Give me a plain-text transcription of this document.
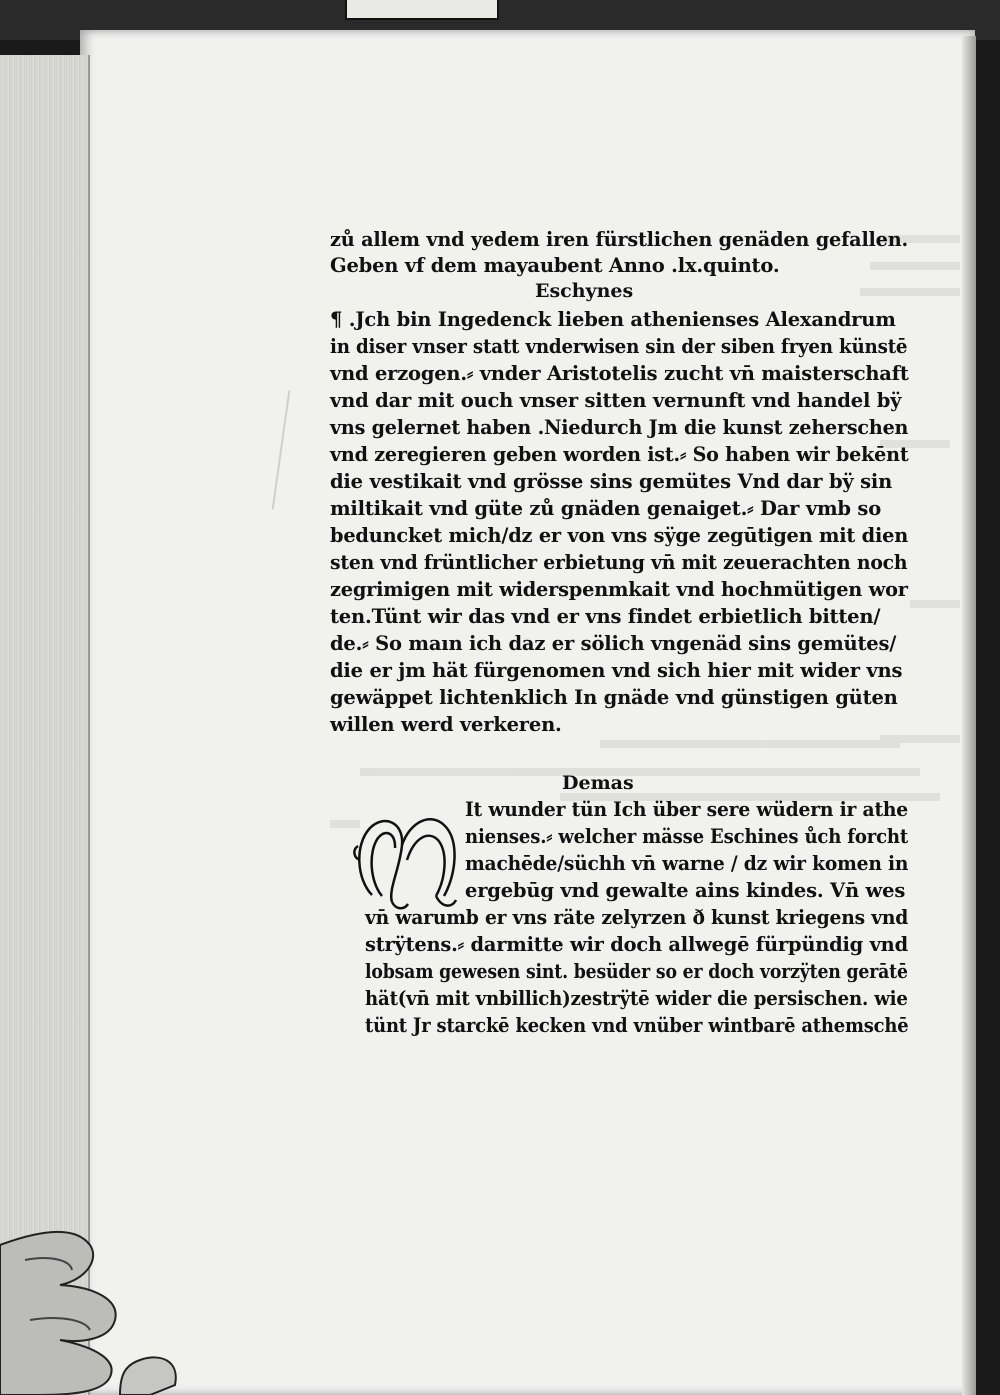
zů allem vnd yedem iren fürstlichen genäden gefallen.
Geben vf dem mayaubent Anno .lx.quinto.
Eschynes
¶ .Jch bin Ingedenck lieben athenienses Alexandrum
in diser vnser statt vnderwisen sin der siben fryen künstē
vnd erzogen.⸗ vnder Aristotelis zucht vn̄ maisterschaft
vnd dar mit ouch vnser sitten vernunft vnd handel bÿ
vns gelernet haben .Niedurch Jm die kunst zeherschen
vnd zeregieren geben worden ist.⸗ So haben wir bekēnt
die vestikait vnd grösse sins gemütes Vnd dar bÿ sin
miltikait vnd güte zů gnäden genaiget.⸗ Dar vmb so
beduncket mich/dz er von vns sÿge zegūtigen mit dien
sten vnd früntlicher erbietung vn̄ mit zeuerachten noch
zegrimigen mit widerspenmkait vnd hochmütigen wor
ten.Tünt wir das vnd er vns findet erbietlich bitten/
de.⸗ So maın ich daz er sölich vngenäd sins gemütes/
die er jm hät fürgenomen vnd sich hier mit wider vns
gewäppet lichtenklich In gnäde vnd günstigen güten
willen werd verkeren.
Demas
It wunder tün Ich über sere wüdern ir athe
nienses.⸗ welcher mässe Eschines ůch forcht
machēde/süchh vn̄ warne / dz wir komen in
ergebūg vnd gewalte ains kindes. Vn̄ wes
vn̄ warumb er vns räte zelyrzen ð kunst kriegens vnd
strÿtens.⸗ darmitte wir doch allwegē fürpündig vnd
lobsam gewesen sint. besüder so er doch vorzÿten gerātē
hät(vn̄ mit vnbillich)zestrÿtē wider die persischen. wie
tünt Jr starckē kecken vnd vnüber wintbarē athemschē
